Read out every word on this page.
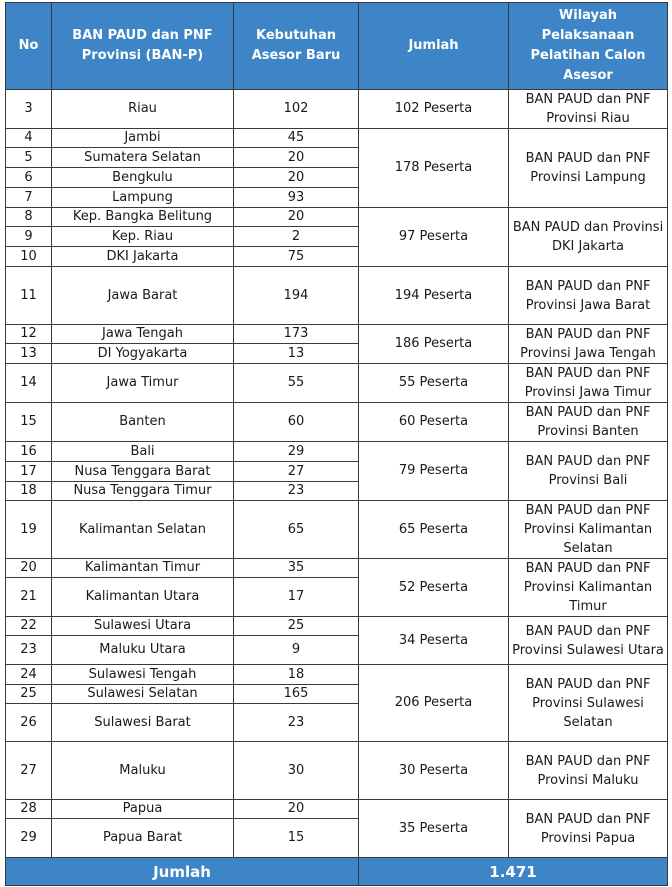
No	BAN PAUD dan PNF Provinsi (BAN-P)	Kebutuhan Asesor Baru	Jumlah	Wilayah Pelaksanaan Pelatihan Calon Asesor
3	Riau	102	102 Peserta	BAN PAUD dan PNF Provinsi Riau
4	Jambi	45	178 Peserta	BAN PAUD dan PNF Provinsi Lampung
5	Sumatera Selatan	20		
6	Bengkulu	20		
7	Lampung	93		
8	Kep. Bangka Belitung	20	97 Peserta	BAN PAUD dan Provinsi DKI Jakarta
9	Kep. Riau	2		
10	DKI Jakarta	75		
11	Jawa Barat	194	194 Peserta	BAN PAUD dan PNF Provinsi Jawa Barat
12	Jawa Tengah	173	186 Peserta	BAN PAUD dan PNF Provinsi Jawa Tengah
13	DI Yogyakarta	13		
14	Jawa Timur	55	55 Peserta	BAN PAUD dan PNF Provinsi Jawa Timur
15	Banten	60	60 Peserta	BAN PAUD dan PNF Provinsi Banten
16	Bali	29	79 Peserta	BAN PAUD dan PNF Provinsi Bali
17	Nusa Tenggara Barat	27		
18	Nusa Tenggara Timur	23		
19	Kalimantan Selatan	65	65 Peserta	BAN PAUD dan PNF Provinsi Kalimantan Selatan
20	Kalimantan Timur	35	52 Peserta	BAN PAUD dan PNF Provinsi Kalimantan Timur
21	Kalimantan Utara	17		
22	Sulawesi Utara	25	34 Peserta	BAN PAUD dan PNF Provinsi Sulawesi Utara
23	Maluku Utara	9		
24	Sulawesi Tengah	18	206 Peserta	BAN PAUD dan PNF Provinsi Sulawesi Selatan
25	Sulawesi Selatan	165		
26	Sulawesi Barat	23		
27	Maluku	30	30 Peserta	BAN PAUD dan PNF Provinsi Maluku
28	Papua	20	35 Peserta	BAN PAUD dan PNF Provinsi Papua
29	Papua Barat	15		
Jumlah			1.471	
